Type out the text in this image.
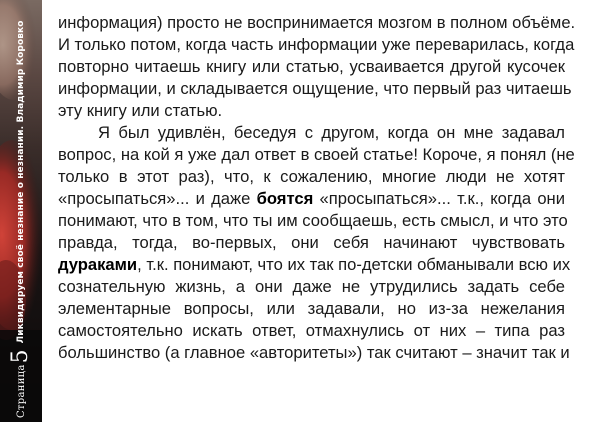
Страница
5
Ликвидируем своё незнание о незнании. Владимир Коровко информация) просто не воспринимается мозгом в полном объёме.
И только потом, когда часть информации уже переварилась, когда
повторно читаешь книгу или статью, усваивается другой кусочек
информации, и складывается ощущение, что первый раз читаешь
эту книгу или статью.
Я был удивлён, беседуя с другом, когда он мне задавал
вопрос, на кой я уже дал ответ в своей статье! Короче, я понял (не
только в этот раз), что, к сожалению, многие люди не хотят
«просыпаться»... и даже боятся «просыпаться»... т.к., когда они
понимают, что в том, что ты им сообщаешь, есть смысл, и что это
правда, тогда, во-первых, они себя начинают чувствовать
дураками, т.к. понимают, что их так по-детски обманывали всю их
сознательную жизнь, а они даже не утрудились задать себе
элементарные вопросы, или задавали, но из-за нежелания
самостоятельно искать ответ, отмахнулись от них – типа раз
большинство (а главное «авторитеты») так считают – значит так и
